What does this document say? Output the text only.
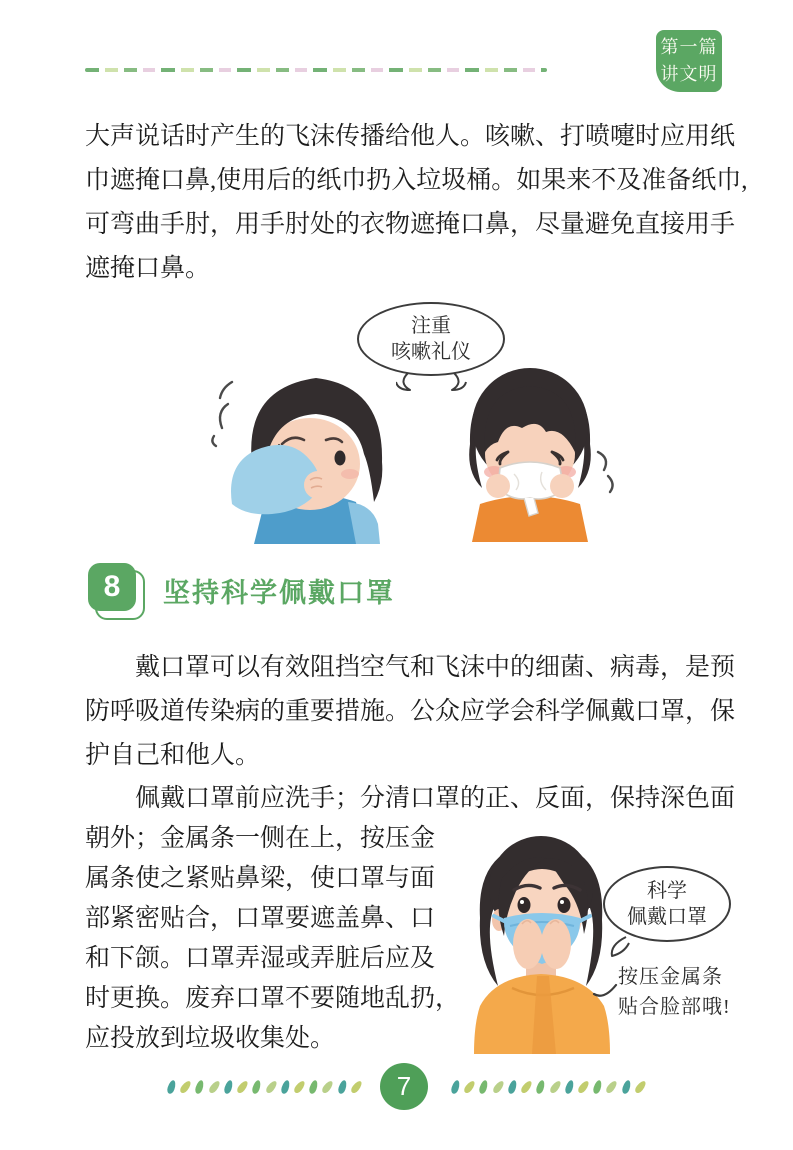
第一篇
讲文明
大声说话时产生的飞沫传播给他人。咳嗽、打喷嚏时应用纸
巾遮掩口鼻,使用后的纸巾扔入垃圾桶。如果来不及准备纸巾,
可弯曲手肘，用手肘处的衣物遮掩口鼻，尽量避免直接用手
遮掩口鼻。
注重
咳嗽礼仪
8	坚持科学佩戴口罩
戴口罩可以有效阻挡空气和飞沫中的细菌、病毒，是预
防呼吸道传染病的重要措施。公众应学会科学佩戴口罩，保
护自己和他人。
佩戴口罩前应洗手；分清口罩的正、反面，保持深色面
朝外；金属条一侧在上，按压金
属条使之紧贴鼻梁，使口罩与面
部紧密贴合，口罩要遮盖鼻、口
和下颌。口罩弄湿或弄脏后应及
时更换。废弃口罩不要随地乱扔，
应投放到垃圾收集处。
科学
佩戴口罩
按压金属条
贴合脸部哦!
7
